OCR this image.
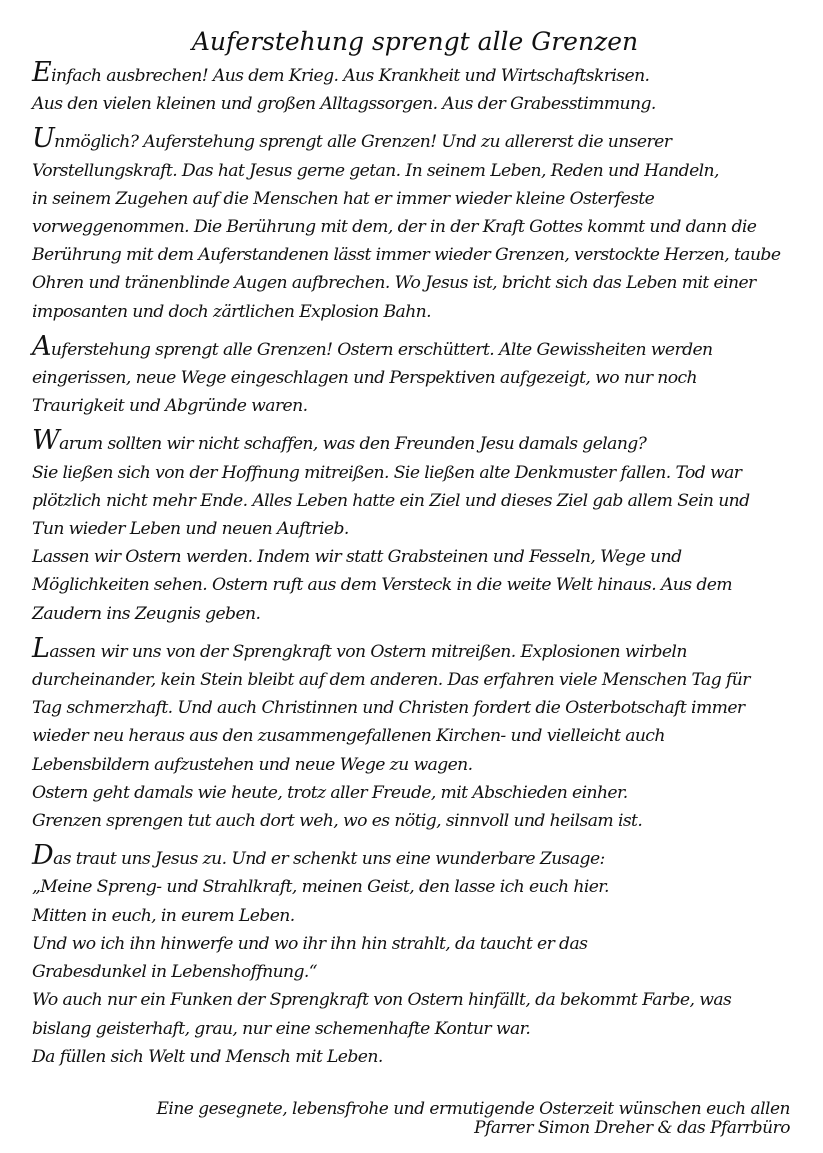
Auferstehung sprengt alle Grenzen
Einfach ausbrechen! Aus dem Krieg. Aus Krankheit und Wirtschaftskrisen.
Aus den vielen kleinen und großen Alltagssorgen. Aus der Grabesstimmung.
Unmöglich? Auferstehung sprengt alle Grenzen! Und zu allererst die unserer
Vorstellungskraft. Das hat Jesus gerne getan. In seinem Leben, Reden und Handeln,
in seinem Zugehen auf die Menschen hat er immer wieder kleine Osterfeste
vorweggenommen. Die Berührung mit dem, der in der Kraft Gottes kommt und dann die
Berührung mit dem Auferstandenen lässt immer wieder Grenzen, verstockte Herzen, taube
Ohren und tränenblinde Augen aufbrechen. Wo Jesus ist, bricht sich das Leben mit einer
imposanten und doch zärtlichen Explosion Bahn.
Auferstehung sprengt alle Grenzen! Ostern erschüttert. Alte Gewissheiten werden
eingerissen, neue Wege eingeschlagen und Perspektiven aufgezeigt, wo nur noch
Traurigkeit und Abgründe waren.
Warum sollten wir nicht schaffen, was den Freunden Jesu damals gelang?
Sie ließen sich von der Hoffnung mitreißen. Sie ließen alte Denkmuster fallen. Tod war
plötzlich nicht mehr Ende. Alles Leben hatte ein Ziel und dieses Ziel gab allem Sein und
Tun wieder Leben und neuen Auftrieb.
Lassen wir Ostern werden. Indem wir statt Grabsteinen und Fesseln, Wege und
Möglichkeiten sehen. Ostern ruft aus dem Versteck in die weite Welt hinaus. Aus dem
Zaudern ins Zeugnis geben.
Lassen wir uns von der Sprengkraft von Ostern mitreißen. Explosionen wirbeln
durcheinander, kein Stein bleibt auf dem anderen. Das erfahren viele Menschen Tag für
Tag schmerzhaft. Und auch Christinnen und Christen fordert die Osterbotschaft immer
wieder neu heraus aus den zusammengefallenen Kirchen- und vielleicht auch
Lebensbildern aufzustehen und neue Wege zu wagen.
Ostern geht damals wie heute, trotz aller Freude, mit Abschieden einher.
Grenzen sprengen tut auch dort weh, wo es nötig, sinnvoll und heilsam ist.
Das traut uns Jesus zu. Und er schenkt uns eine wunderbare Zusage:
„Meine Spreng- und Strahlkraft, meinen Geist, den lasse ich euch hier.
Mitten in euch, in eurem Leben.
Und wo ich ihn hinwerfe und wo ihr ihn hin strahlt, da taucht er das
Grabesdunkel in Lebenshoffnung.“
Wo auch nur ein Funken der Sprengkraft von Ostern hinfällt, da bekommt Farbe, was
bislang geisterhaft, grau, nur eine schemenhafte Kontur war.
Da füllen sich Welt und Mensch mit Leben.
Eine gesegnete, lebensfrohe und ermutigende Osterzeit wünschen euch allen
Pfarrer Simon Dreher & das Pfarrbüro
